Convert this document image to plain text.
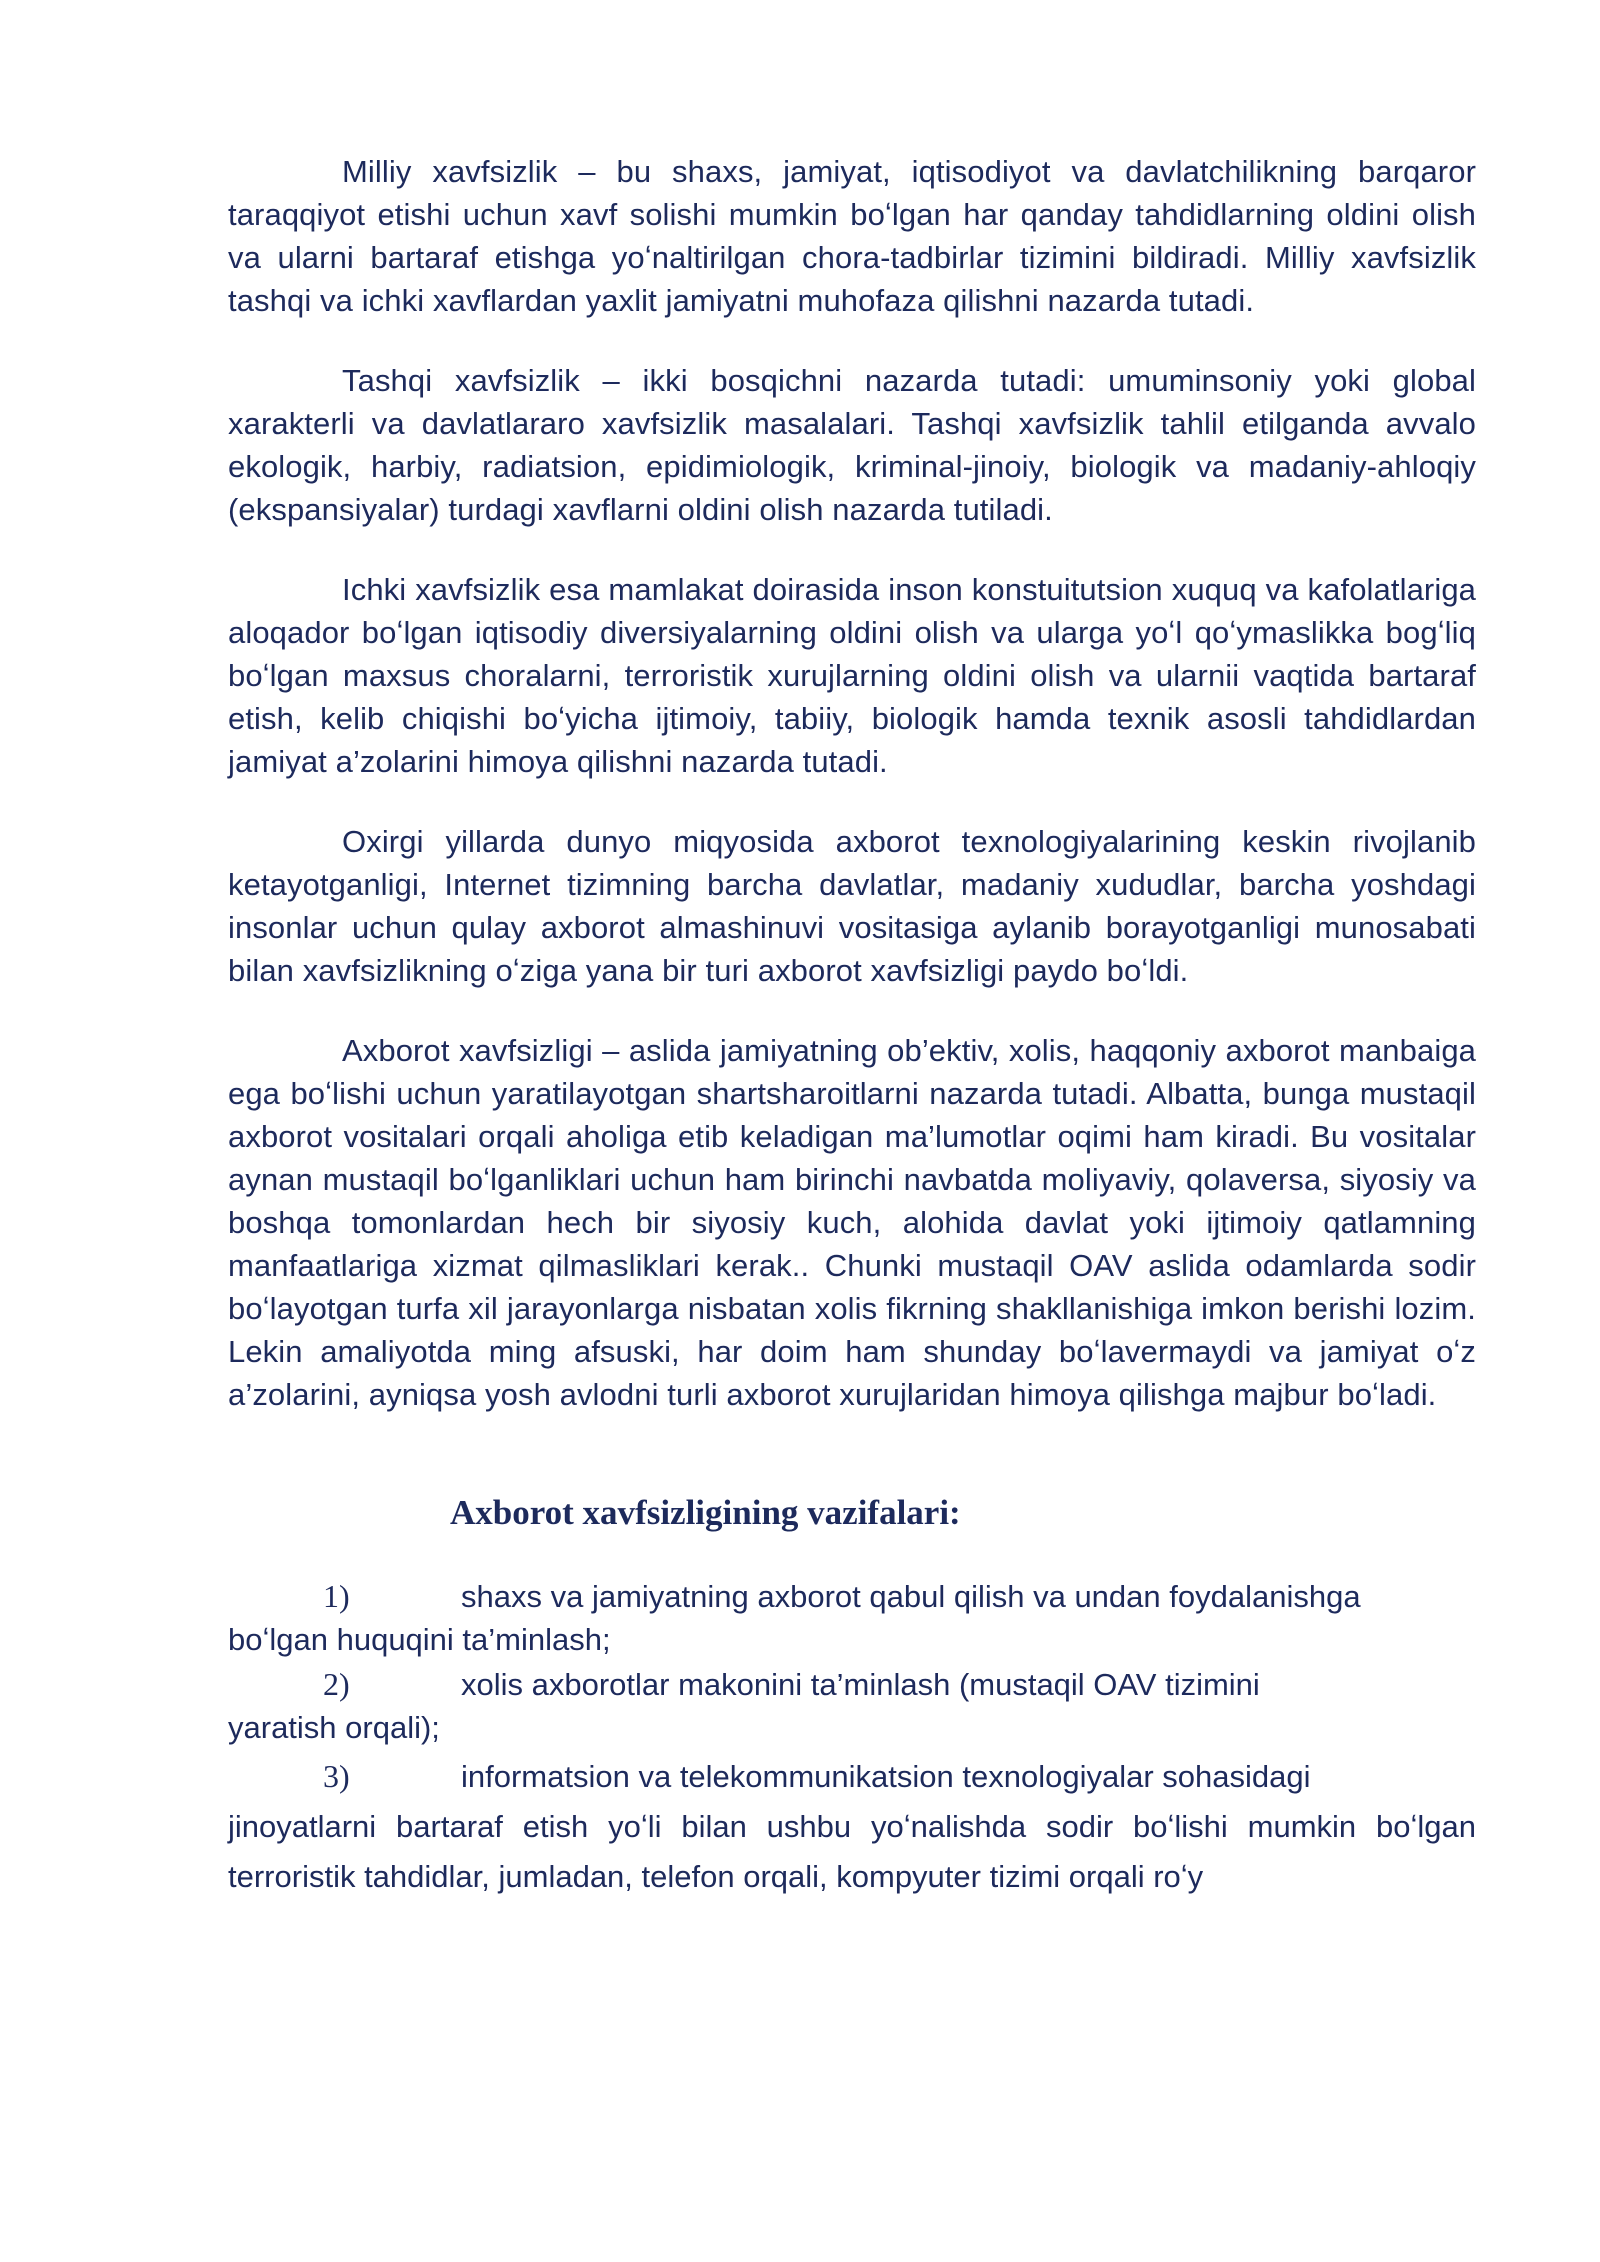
Milliy xavfsizlik – bu shaxs, jamiyat, iqtisodiyot va davlatchilikning barqaror taraqqiyot etishi uchun xavf solishi mumkin boʻlgan har qanday tahdidlarning oldini olish va ularni bartaraf etishga yoʻnaltirilgan chora-tadbirlar tizimini bildiradi. Milliy xavfsizlik tashqi va ichki xavflardan yaxlit jamiyatni muhofaza qilishni nazarda tutadi.

Tashqi xavfsizlik – ikki bosqichni nazarda tutadi: umuminsoniy yoki global xarakterli va davlatlararo xavfsizlik masalalari. Tashqi xavfsizlik tahlil etilganda avvalo ekologik, harbiy, radiatsion, epidimiologik, kriminal-jinoiy, biologik va madaniy-ahloqiy (ekspansiyalar) turdagi xavflarni oldini olish nazarda tutiladi.

Ichki xavfsizlik esa mamlakat doirasida inson konstuitutsion xuquq va kafolatlariga aloqador boʻlgan iqtisodiy diversiyalarning oldini olish va ularga yoʻl qoʻymaslikka bogʻliq boʻlgan maxsus choralarni, terroristik xurujlarning oldini olish va ularnii vaqtida bartaraf etish, kelib chiqishi boʻyicha ijtimoiy, tabiiy, biologik hamda texnik asosli tahdidlardan jamiyat a’zolarini himoya qilishni nazarda tutadi.

Oxirgi yillarda dunyo miqyosida axborot texnologiyalarining keskin rivojlanib ketayotganligi, Internet tizimning barcha davlatlar, madaniy xududlar, barcha yoshdagi insonlar uchun qulay axborot almashinuvi vositasiga aylanib borayotganligi munosabati bilan xavfsizlikning oʻziga yana bir turi axborot xavfsizligi paydo boʻldi.

Axborot xavfsizligi – aslida jamiyatning ob’ektiv, xolis, haqqoniy axborot manbaiga ega boʻlishi uchun yaratilayotgan shartsharoitlarni nazarda tutadi. Albatta, bunga mustaqil axborot vositalari orqali aholiga etib keladigan ma’lumotlar oqimi ham kiradi. Bu vositalar aynan mustaqil boʻlganliklari uchun ham birinchi navbatda moliyaviy, qolaversa, siyosiy va boshqa tomonlardan hech bir siyosiy kuch, alohida davlat yoki ijtimoiy qatlamning manfaatlariga xizmat qilmasliklari kerak.. Chunki mustaqil OAV aslida odamlarda sodir boʻlayotgan turfa xil jarayonlarga nisbatan xolis fikrning shakllanishiga imkon berishi lozim. Lekin amaliyotda ming afsuski, har doim ham shunday boʻlavermaydi va jamiyat oʻz a’zolarini, ayniqsa yosh avlodni turli axborot xurujlaridan himoya qilishga majbur boʻladi.

Axborot xavfsizligining vazifalari:
1)	shaxs va jamiyatning axborot qabul qilish va undan foydalanishga
boʻlgan huquqini ta’minlash;
2)	xolis axborotlar makonini ta’minlash (mustaqil OAV tizimini
yaratish orqali);
3)	informatsion va telekommunikatsion texnologiyalar sohasidagi
jinoyatlarni bartaraf etish yoʻli bilan ushbu yoʻnalishda sodir boʻlishi mumkin boʻlgan terroristik tahdidlar, jumladan, telefon orqali, kompyuter tizimi orqali roʻy
